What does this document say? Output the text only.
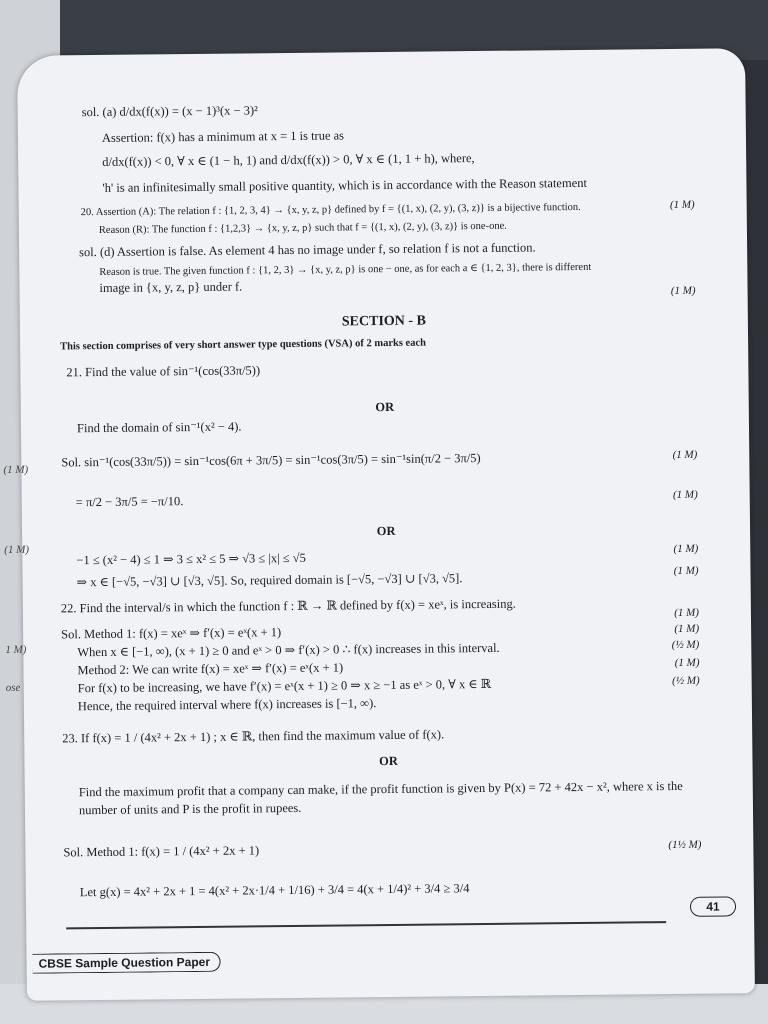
sol. (a) d/dx(f(x)) = (x − 1)³(x − 3)²
Assertion: f(x) has a minimum at x = 1 is true as
d/dx(f(x)) < 0, ∀ x ∈ (1 − h, 1) and d/dx(f(x)) > 0, ∀ x ∈ (1, 1 + h), where,
'h' is an infinitesimally small positive quantity, which is in accordance with the Reason statement
20. Assertion (A): The relation f : {1, 2, 3, 4} → {x, y, z, p} defined by f = {(1, x), (2, y), (3, z)} is a bijective function.	(1 M)
Reason (R): The function f : {1,2,3} → {x, y, z, p} such that f = {(1, x), (2, y), (3, z)} is one-one.
sol. (d) Assertion is false. As element 4 has no image under f, so relation f is not a function.
Reason is true. The given function f : {1, 2, 3} → {x, y, z, p} is one − one, as for each a ∈ {1, 2, 3}, there is different
image in {x, y, z, p} under f.	(1 M)
SECTION - B
This section comprises of very short answer type questions (VSA) of 2 marks each
21. Find the value of sin⁻¹(cos(33π/5))
OR
Find the domain of sin⁻¹(x² − 4).
(1 M)
Sol. sin⁻¹(cos(33π/5)) = sin⁻¹cos(6π + 3π/5) = sin⁻¹cos(3π/5) = sin⁻¹sin(π/2 − 3π/5)	(1 M)
= π/2 − 3π/5 = −π/10.	(1 M)
OR
(1 M)
−1 ≤ (x² − 4) ≤ 1 ⇒ 3 ≤ x² ≤ 5 ⇒ √3 ≤ |x| ≤ √5
(1 M)
⇒ x ∈ [−√5, −√3] ∪ [√3, √5]. So, required domain is [−√5, −√3] ∪ [√3, √5].
(1 M)
22. Find the interval/s in which the function f : ℝ → ℝ defined by f(x) = xeˣ, is increasing.
1 M)
Sol. Method 1: f(x) = xeˣ ⇒ f′(x) = eˣ(x + 1)
(1 M)
(1 M)
When x ∈ [−1, ∞), (x + 1) ≥ 0 and eˣ > 0 ⇒ f′(x) > 0 ∴ f(x) increases in this interval.	(½ M)
Method 2: We can write f(x) = xeˣ ⇒ f′(x) = eˣ(x + 1)	(1 M)
ose	For f(x) to be increasing, we have f′(x) = eˣ(x + 1) ≥ 0 ⇒ x ≥ −1 as eˣ > 0, ∀ x ∈ ℝ	(½ M)
Hence, the required interval where f(x) increases is [−1, ∞).
23. If f(x) = 1 / (4x² + 2x + 1) ; x ∈ ℝ, then find the maximum value of f(x).
OR
Find the maximum profit that a company can make, if the profit function is given by P(x) = 72 + 42x − x², where x is the
number of units and P is the profit in rupees.
Sol. Method 1: f(x) = 1 / (4x² + 2x + 1)	(1½ M)
Let g(x) = 4x² + 2x + 1 = 4(x² + 2x·1/4 + 1/16) + 3/4 = 4(x + 1/4)² + 3/4 ≥ 3/4
41
CBSE Sample Question Paper
